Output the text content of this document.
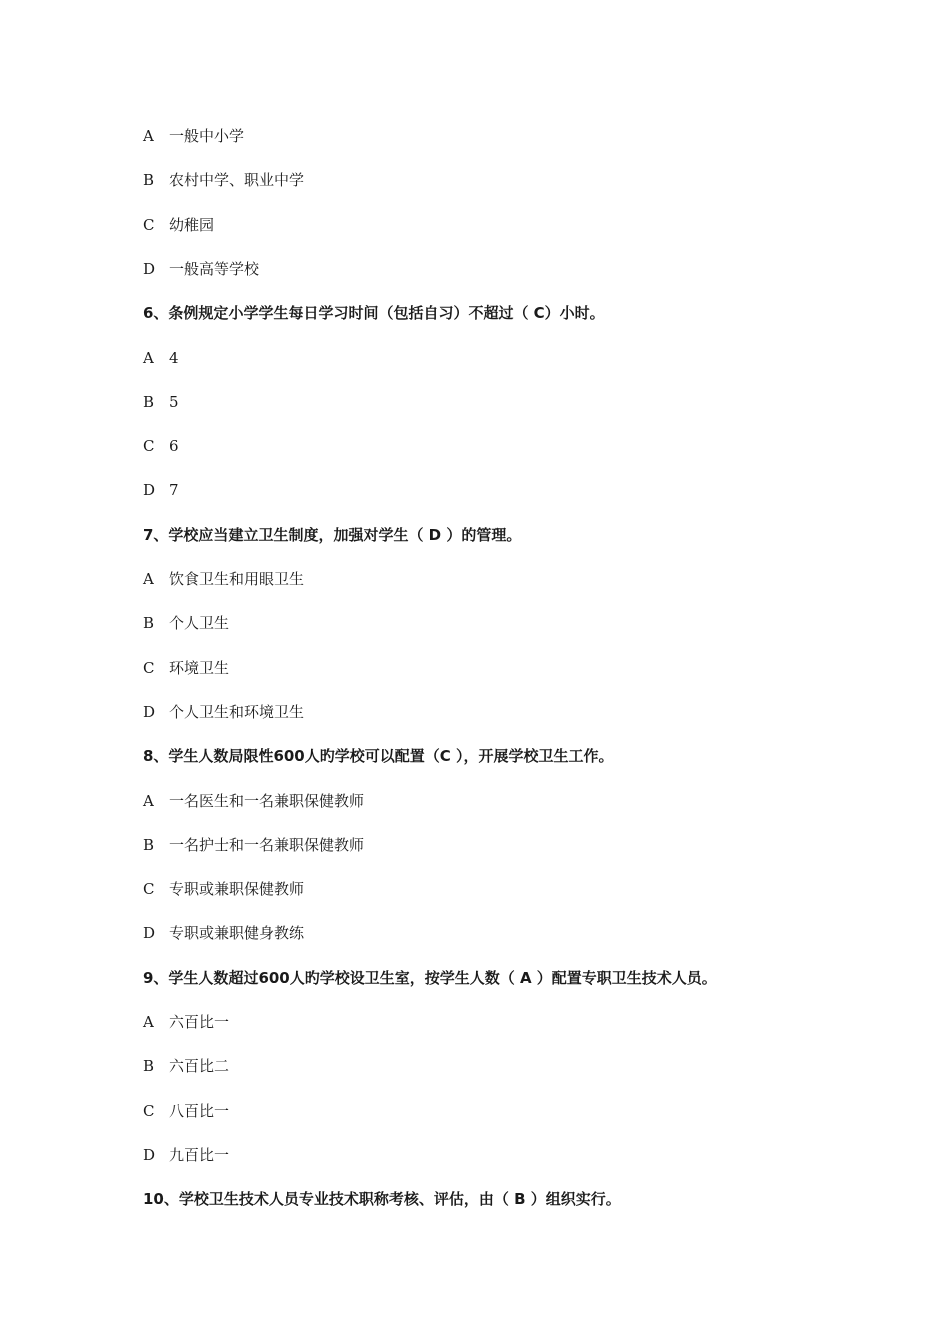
A 一般中小学
B 农村中学、职业中学
C 幼稚园
D 一般高等学校
6、条例规定小学学生每日学习时间（包括自习）不超过（ C）小时。
A 4
B 5
C 6
D 7
7、学校应当建立卫生制度，加强对学生（ D ）的管理。
A 饮食卫生和用眼卫生
B 个人卫生
C 环境卫生
D 个人卫生和环境卫生
8、学生人数局限性600人旳学校可以配置（C ），开展学校卫生工作。
A 一名医生和一名兼职保健教师
B 一名护士和一名兼职保健教师
C 专职或兼职保健教师
D 专职或兼职健身教练
9、学生人数超过600人旳学校设卫生室，按学生人数（ A ）配置专职卫生技术人员。
A 六百比一
B 六百比二
C 八百比一
D 九百比一
10、学校卫生技术人员专业技术职称考核、评估，由（ B ）组织实行。
